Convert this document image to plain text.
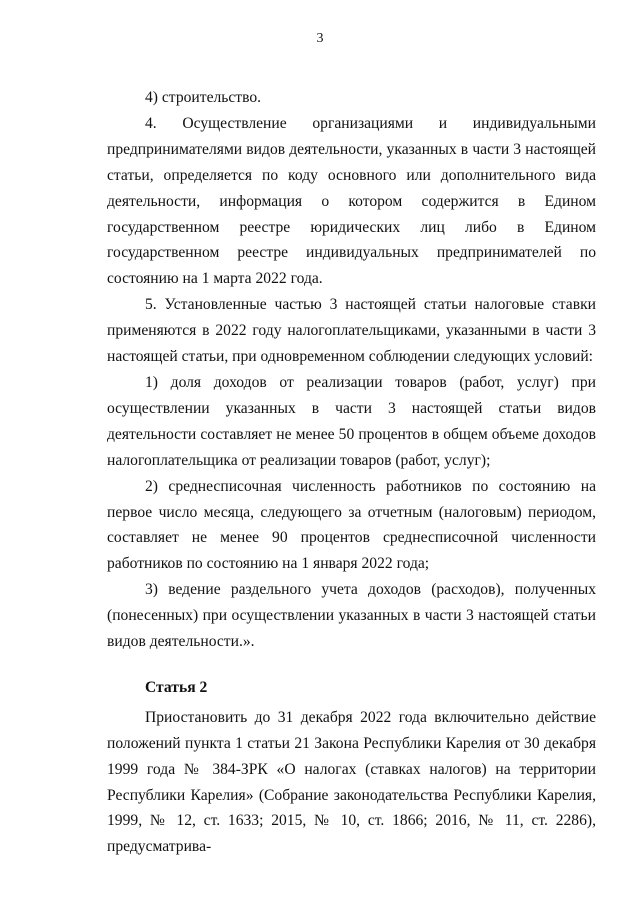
3

4) строительство.

4. Осуществление организациями и индивидуальными предпринимателями видов деятельности, указанных в части 3 настоящей статьи, определяется по коду основного или дополнительного вида деятельности, информация о котором содержится в Едином государственном реестре юридических лиц либо в Едином государственном реестре индивидуальных предпринимателей по состоянию на 1 марта 2022 года.

5. Установленные частью 3 настоящей статьи налоговые ставки применяются в 2022 году налогоплательщиками, указанными в части 3 настоящей статьи, при одновременном соблюдении следующих условий:

1) доля доходов от реализации товаров (работ, услуг) при осуществлении указанных в части 3 настоящей статьи видов деятельности составляет не менее 50 процентов в общем объеме доходов налогоплательщика от реализации товаров (работ, услуг);

2) среднесписочная численность работников по состоянию на первое число месяца, следующего за отчетным (налоговым) периодом, составляет не менее 90 процентов среднесписочной численности работников по состоянию на 1 января 2022 года;

3) ведение раздельного учета доходов (расходов), полученных (понесенных) при осуществлении указанных в части 3 настоящей статьи видов деятельности.».

Статья 2

Приостановить до 31 декабря 2022 года включительно действие положений пункта 1 статьи 21 Закона Республики Карелия от 30 декабря 1999 года № 384-ЗРК «О налогах (ставках налогов) на территории Республики Карелия» (Собрание законодательства Республики Карелия, 1999, № 12, ст. 1633; 2015, № 10, ст. 1866; 2016, № 11, ст. 2286), предусматрива-
